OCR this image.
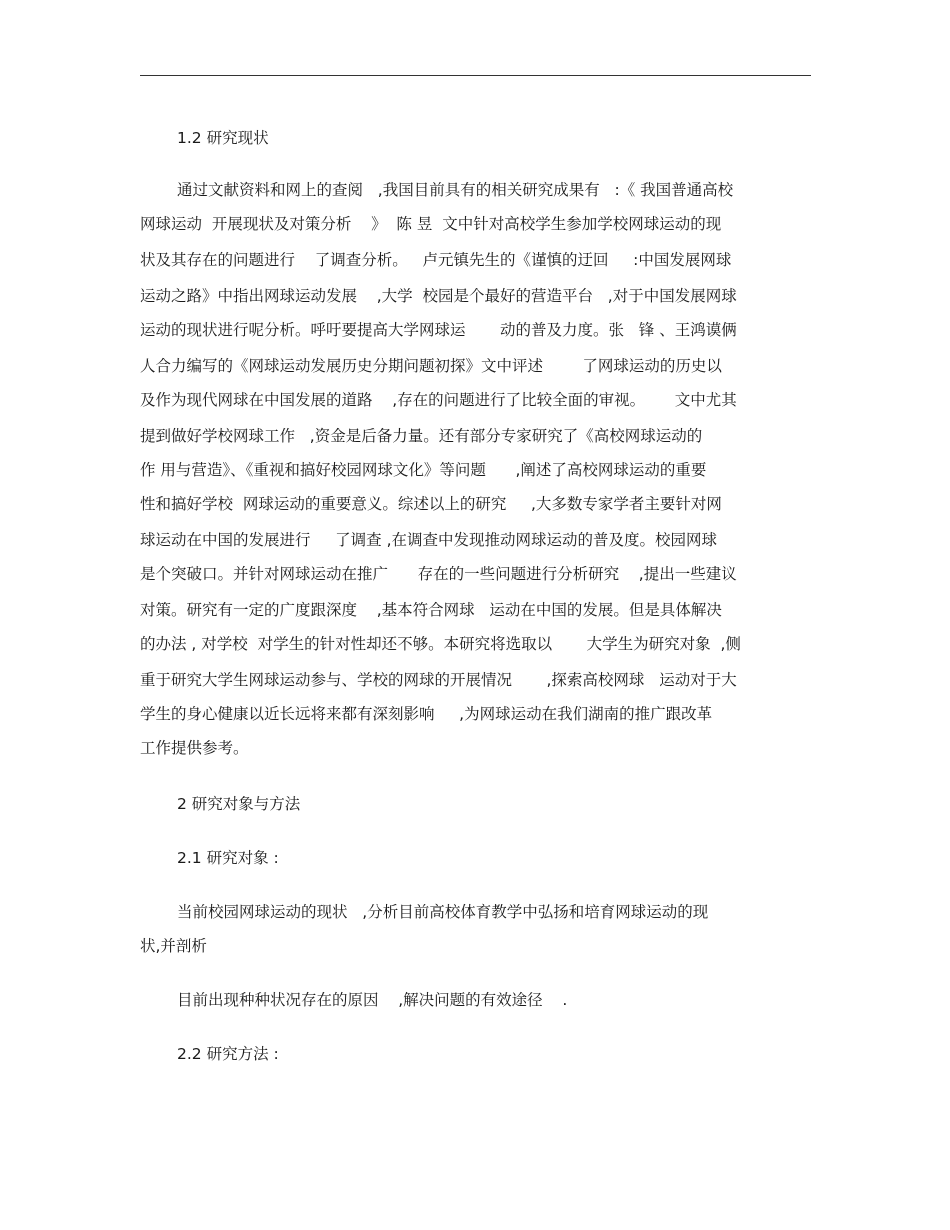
1.2 研究现状
通过文献资料和网上的查阅   ,我国目前具有的相关研究成果有   :《 我国普通高校
网球运动  开展现状及对策分析    》  陈 昱  文中针对高校学生参加学校网球运动的现
状及其存在的问题进行    了调查分析。   卢元镇先生的《谨慎的迂回     :中国发展网球
运动之路》中指出网球运动发展    ,大学  校园是个最好的营造平台   ,对于中国发展网球
运动的现状进行呢分析。呼吁要提高大学网球运       动的普及力度。张   锋 、王鸿谟俩
人合力编写的《网球运动发展历史分期问题初探》文中评述        了网球运动的历史以
及作为现代网球在中国发展的道路    ,存在的问题进行了比较全面的审视。      文中尤其
提到做好学校网球工作   ,资金是后备力量。还有部分专家研究了《高校网球运动的
作 用与营造》、《重视和搞好校园网球文化》等问题      ,阐述了高校网球运动的重要
性和搞好学校  网球运动的重要意义。综述以上的研究     ,大多数专家学者主要针对网
球运动在中国的发展进行     了调查 ,在调查中发现推动网球运动的普及度。校园网球
是个突破口。并针对网球运动在推广      存在的一些问题进行分析研究    ,提出一些建议
对策。研究有一定的广度跟深度    ,基本符合网球   运动在中国的发展。但是具体解决
的办法 , 对学校  对学生的针对性却还不够。本研究将选取以       大学生为研究对象  ,侧
重于研究大学生网球运动参与、学校的网球的开展情况       ,探索高校网球   运动对于大
学生的身心健康以近长远将来都有深刻影响     ,为网球运动在我们湖南的推广跟改革
工作提供参考。
2 研究对象与方法
2.1 研究对象 :
当前校园网球运动的现状   ,分析目前高校体育教学中弘扬和培育网球运动的现
状,并剖析
目前出现种种状况存在的原因    ,解决问题的有效途径    .
2.2 研究方法 :
